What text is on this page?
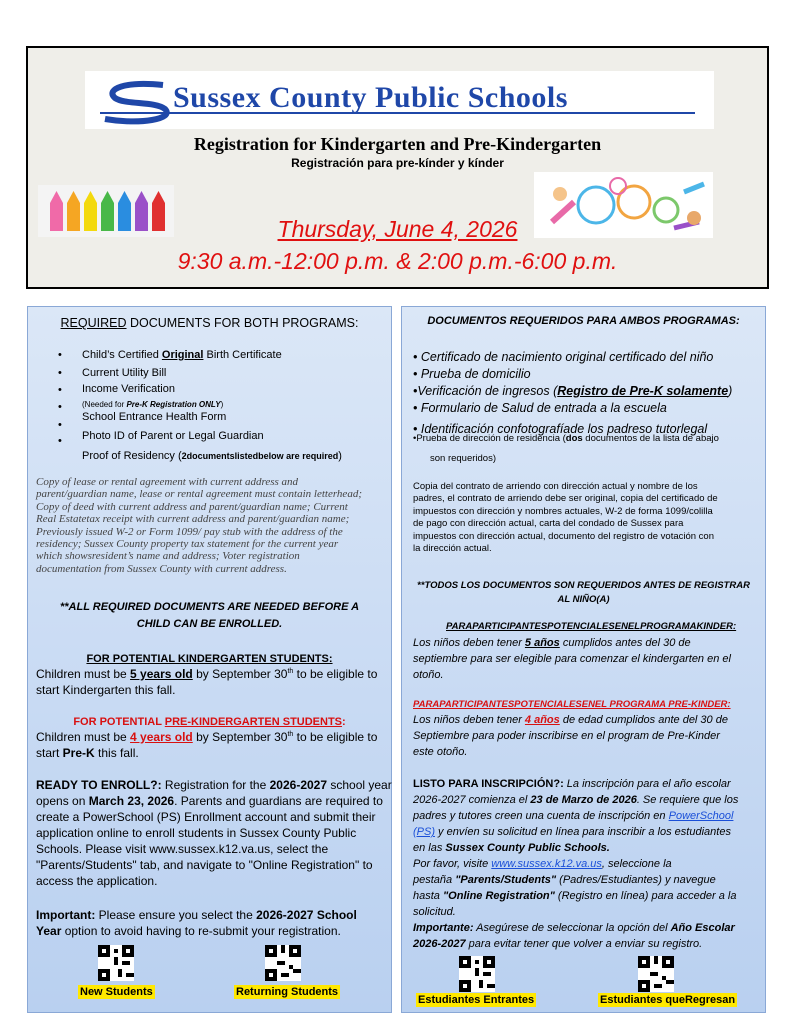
Sussex County Public Schools
Registration for Kindergarten and Pre-Kindergarten
Registración para pre-kínder y kínder
Thursday, June 4, 2026
9:30 a.m.-12:00 p.m. & 2:00 p.m.-6:00 p.m.
REQUIRED DOCUMENTS FOR BOTH PROGRAMS:
•
•
•
•
•
•
Child’s Certified Original Birth Certificate
Current Utility Bill
Income Verification
(Needed for Pre-K Registration ONLY)
School Entrance Health Form
Photo ID of Parent or Legal Guardian
Proof of Residency (2documentslistedbelow are required)
Copy of lease or rental agreement with current address and
parent/guardian name, lease or rental agreement must contain letterhead;
Copy of deed with current address and parent/guardian name; Current
Real Estatetax receipt with current address and parent/guardian name;
Previously issued W-2 or Form 1099/ pay stub with the address of the
residency; Sussex County property tax statement for the current year
which showsresident’s name and address; Voter registration
documentation from Sussex County with current address.
**ALL REQUIRED DOCUMENTS ARE NEEDED BEFORE A
CHILD CAN BE ENROLLED.
FOR POTENTIAL KINDERGARTEN STUDENTS:
Children must be 5 years old by September 30th to be eligible to
start Kindergarten this fall.
FOR POTENTIAL PRE-KINDERGARTEN STUDENTS:
Children must be 4 years old by September 30th to be eligible to
start Pre-K this fall.
READY TO ENROLL?: Registration for the 2026-2027 school year
opens on March 23, 2026. Parents and guardians are required to
create a PowerSchool (PS) Enrollment account and submit their
application online to enroll students in Sussex County Public
Schools. Please visit www.sussex.k12.va.us, select the
"Parents/Students" tab, and navigate to "Online Registration" to
access the application.
Important: Please ensure you select the 2026-2027 School
Year option to avoid having to re-submit your registration.
New Students	Returning Students
DOCUMENTOS REQUERIDOS PARA AMBOS PROGRAMAS:
• Certificado de nacimiento original certificado del niño
• Prueba de domicilio
•Verificación de ingresos (Registro de Pre-K solamente)
• Formulario de Salud de entrada a la escuela
• Identificación confotografíade los padreso tutorlegal
•Prueba de dirección de residencia (dos documentos de la lista de abajo
son requeridos)
Copia del contrato de arriendo con dirección actual y nombre de los
padres, el contrato de arriendo debe ser original, copia del certificado de
impuestos con dirección y nombres actuales, W-2 de forma 1099/colilla
de pago con dirección actual, carta del condado de Sussex para
impuestos con dirección actual, documento del registro de votación con
la dirección actual.
**TODOS LOS DOCUMENTOS SON REQUERIDOS ANTES DE REGISTRAR
AL NIÑO(A)
PARAPARTICIPANTESPOTENCIALESENELPROGRAMAKINDER:
Los niños deben tener 5 años cumplidos antes del 30 de
septiembre para ser elegible para comenzar el kindergarten en el
otoño.
PARAPARTICIPANTESPOTENCIALESENEL PROGRAMA PRE-KINDER:
Los niños deben tener 4 años de edad cumplidos ante del 30 de
Septiembre para poder inscribirse en el program de Pre-Kinder
este otoño.
LISTO PARA INSCRIPCIÓN?: La inscripción para el año escolar
2026-2027 comienza el 23 de Marzo de 2026. Se requiere que los
padres y tutores creen una cuenta de inscripción en PowerSchool
(PS) y envíen su solicitud en línea para inscribir a los estudiantes
en las Sussex County Public Schools.
Por favor, visite www.sussex.k12.va.us, seleccione la
pestaña "Parents/Students" (Padres/Estudiantes) y navegue
hasta "Online Registration" (Registro en línea) para acceder a la
solicitud.
Importante: Asegúrese de seleccionar la opción del Año Escolar
2026-2027 para evitar tener que volver a enviar su registro.
Estudiantes Entrantes	Estudiantes queRegresan
